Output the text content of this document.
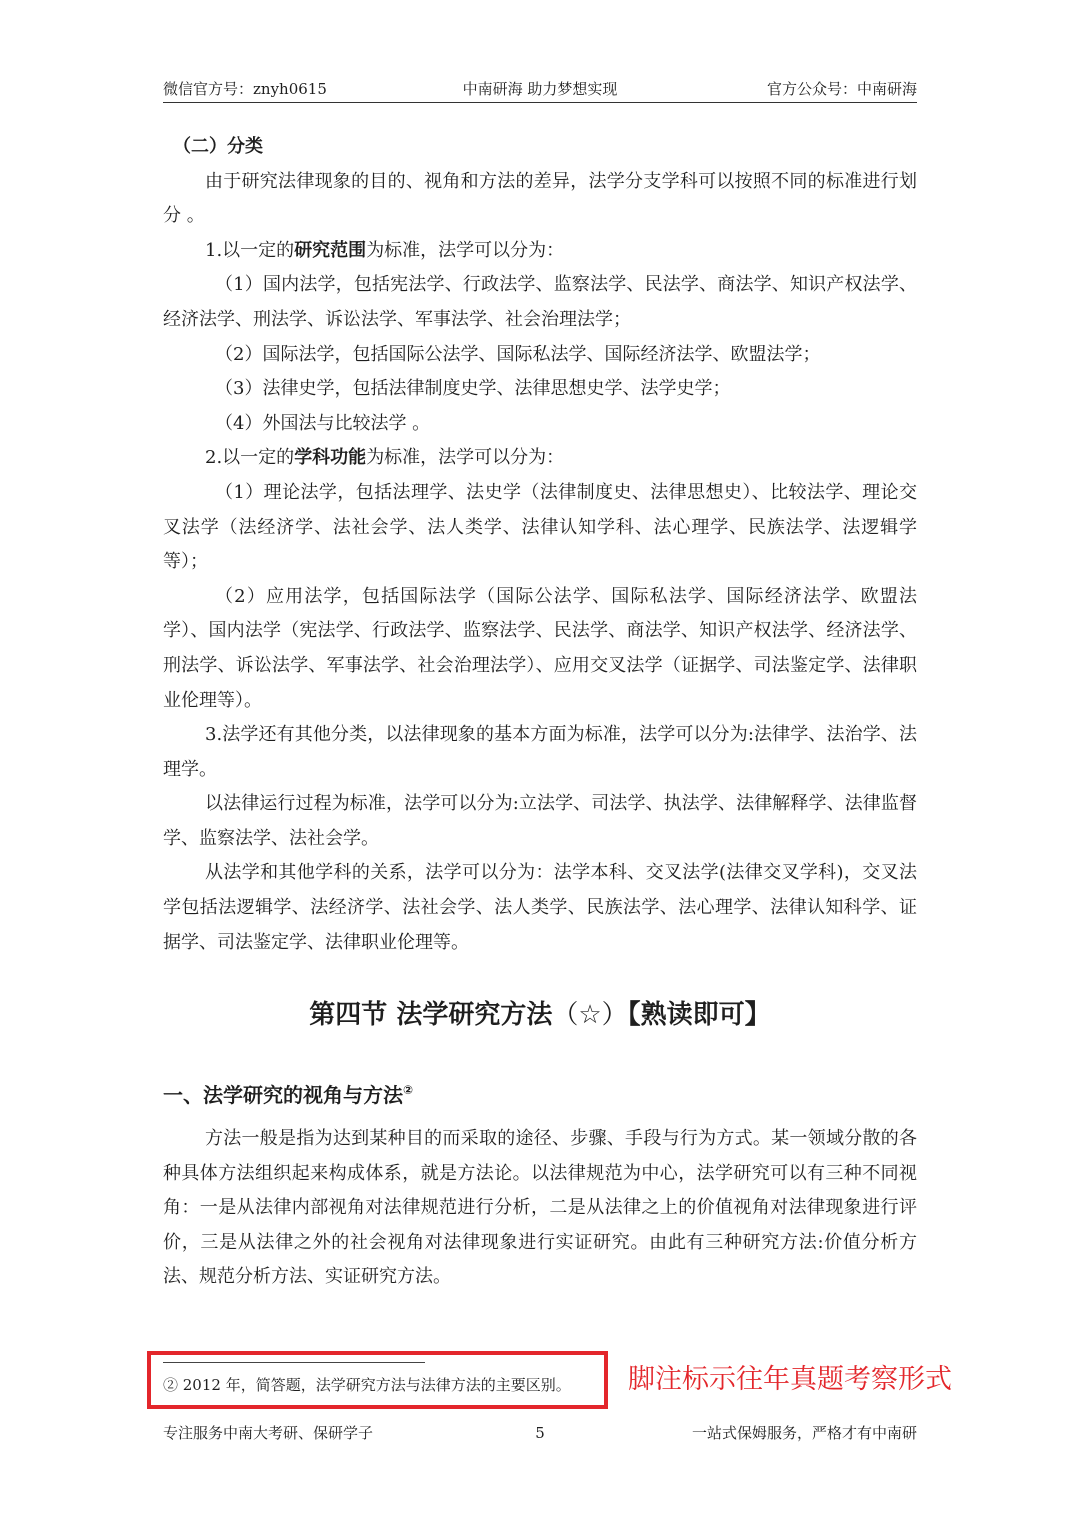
微信官方号：znyh0615	中南研海 助力梦想实现	官方公众号：中南研海

（二）分类

由于研究法律现象的目的、视角和方法的差异，法学分支学科可以按照不同的标准进行划分 。

1.以一定的研究范围为标准，法学可以分为：

（1）国内法学，包括宪法学、行政法学、监察法学、民法学、商法学、知识产权法学、经济法学、刑法学、诉讼法学、军事法学、社会治理法学；

（2）国际法学，包括国际公法学、国际私法学、国际经济法学、欧盟法学；

（3）法律史学，包括法律制度史学、法律思想史学、法学史学；

（4）外国法与比较法学 。

2.以一定的学科功能为标准，法学可以分为：

（1）理论法学，包括法理学、法史学（法律制度史、法律思想史）、比较法学、理论交叉法学（法经济学、法社会学、法人类学、法律认知学科、法心理学、民族法学、法逻辑学等）；

（2）应用法学，包括国际法学（国际公法学、国际私法学、国际经济法学、欧盟法学）、国内法学（宪法学、行政法学、监察法学、民法学、商法学、知识产权法学、经济法学、刑法学、诉讼法学、军事法学、社会治理法学）、应用交叉法学（证据学、司法鉴定学、法律职业伦理等）。

3.法学还有其他分类，以法律现象的基本方面为标准，法学可以分为:法律学、法治学、法理学。

以法律运行过程为标准，法学可以分为:立法学、司法学、执法学、法律解释学、法律监督学、监察法学、法社会学。

从法学和其他学科的关系，法学可以分为：法学本科、交叉法学(法律交叉学科)，交叉法学包括法逻辑学、法经济学、法社会学、法人类学、民族法学、法心理学、法律认知科学、证据学、司法鉴定学、法律职业伦理等。

第四节 法学研究方法（☆）【熟读即可】
一、法学研究的视角与方法②

方法一般是指为达到某种目的而采取的途径、步骤、手段与行为方式。某一领域分散的各种具体方法组织起来构成体系，就是方法论。以法律规范为中心，法学研究可以有三种不同视角：一是从法律内部视角对法律规范进行分析，二是从法律之上的价值视角对法律现象进行评价，三是从法律之外的社会视角对法律现象进行实证研究。由此有三种研究方法:价值分析方法、规范分析方法、实证研究方法。

② 2012 年，简答题，法学研究方法与法律方法的主要区别。 脚注标示往年真题考察形式
专注服务中南大考研、保研学子	5	一站式保姆服务，严格才有中南研
